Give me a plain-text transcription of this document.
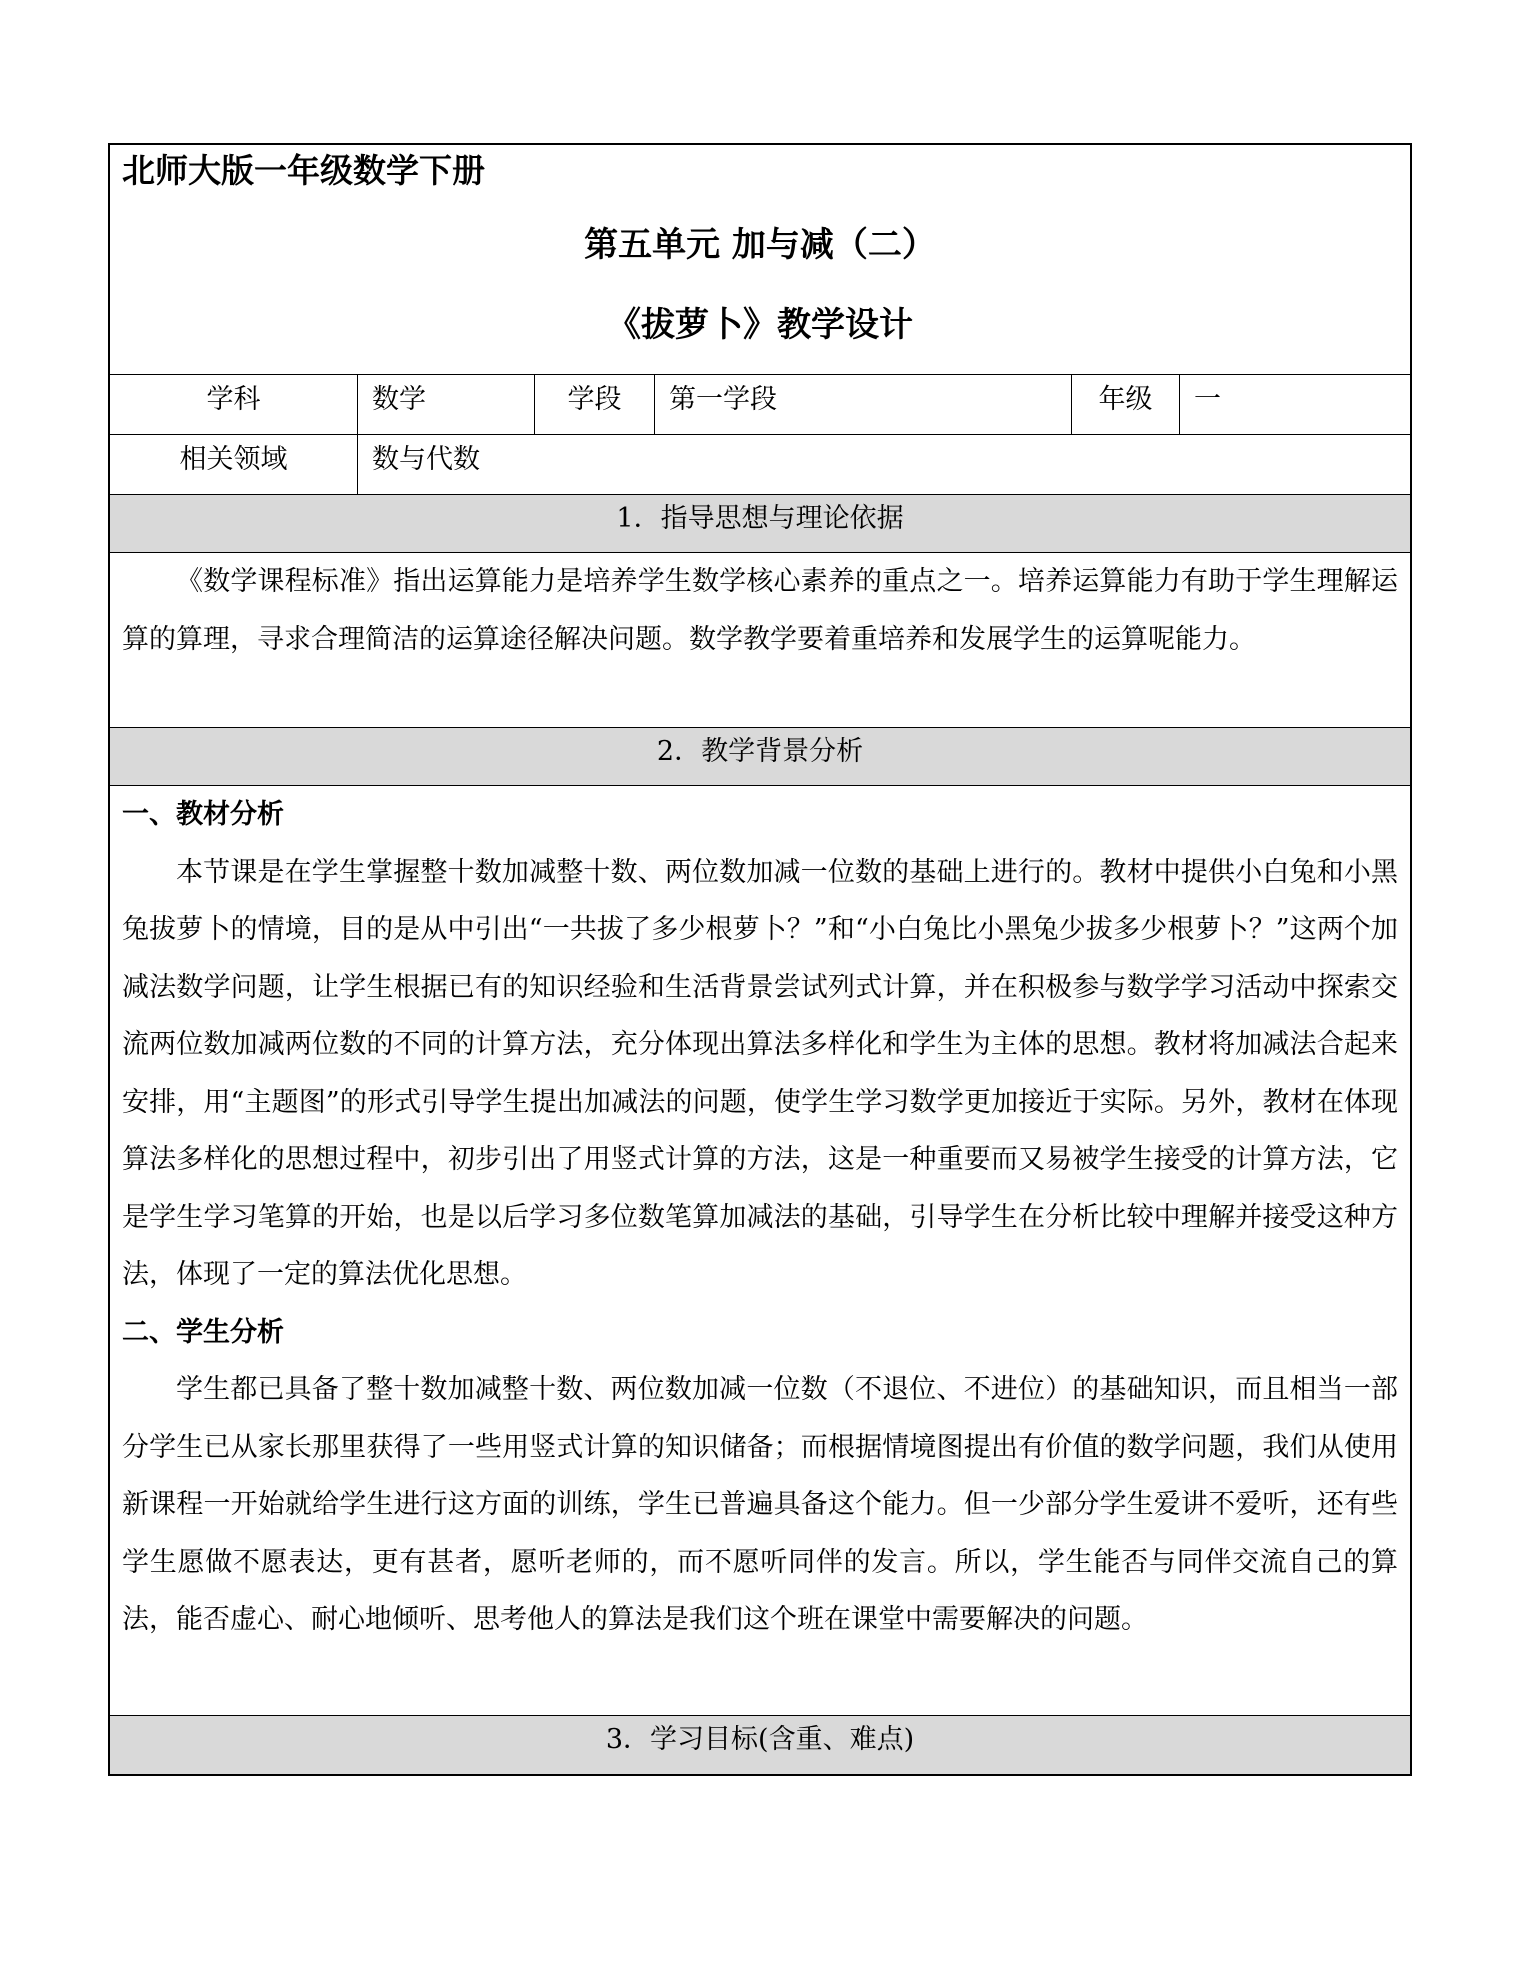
北师大版一年级数学下册
第五单元 加与减（二）
《拔萝卜》教学设计
学科	数学	学段	第一学段	年级	一
相关领域	数与代数
1．指导思想与理论依据

《数学课程标准》指出运算能力是培养学生数学核心素养的重点之一。培养运算能力有助于学生理解运算的算理，寻求合理简洁的运算途径解决问题。数学教学要着重培养和发展学生的运算呢能力。

2．教学背景分析

一、教材分析

本节课是在学生掌握整十数加减整十数、两位数加减一位数的基础上进行的。教材中提供小白兔和小黑兔拔萝卜的情境，目的是从中引出“一共拔了多少根萝卜？”和“小白兔比小黑兔少拔多少根萝卜？”这两个加减法数学问题，让学生根据已有的知识经验和生活背景尝试列式计算，并在积极参与数学学习活动中探索交流两位数加减两位数的不同的计算方法，充分体现出算法多样化和学生为主体的思想。教材将加减法合起来安排，用“主题图”的形式引导学生提出加减法的问题，使学生学习数学更加接近于实际。另外，教材在体现算法多样化的思想过程中，初步引出了用竖式计算的方法，这是一种重要而又易被学生接受的计算方法，它是学生学习笔算的开始，也是以后学习多位数笔算加减法的基础，引导学生在分析比较中理解并接受这种方法，体现了一定的算法优化思想。

二、学生分析

学生都已具备了整十数加减整十数、两位数加减一位数（不退位、不进位）的基础知识，而且相当一部分学生已从家长那里获得了一些用竖式计算的知识储备；而根据情境图提出有价值的数学问题，我们从使用新课程一开始就给学生进行这方面的训练，学生已普遍具备这个能力。但一少部分学生爱讲不爱听，还有些学生愿做不愿表达，更有甚者，愿听老师的，而不愿听同伴的发言。所以，学生能否与同伴交流自己的算法，能否虚心、耐心地倾听、思考他人的算法是我们这个班在课堂中需要解决的问题。

3．学习目标(含重、难点)
